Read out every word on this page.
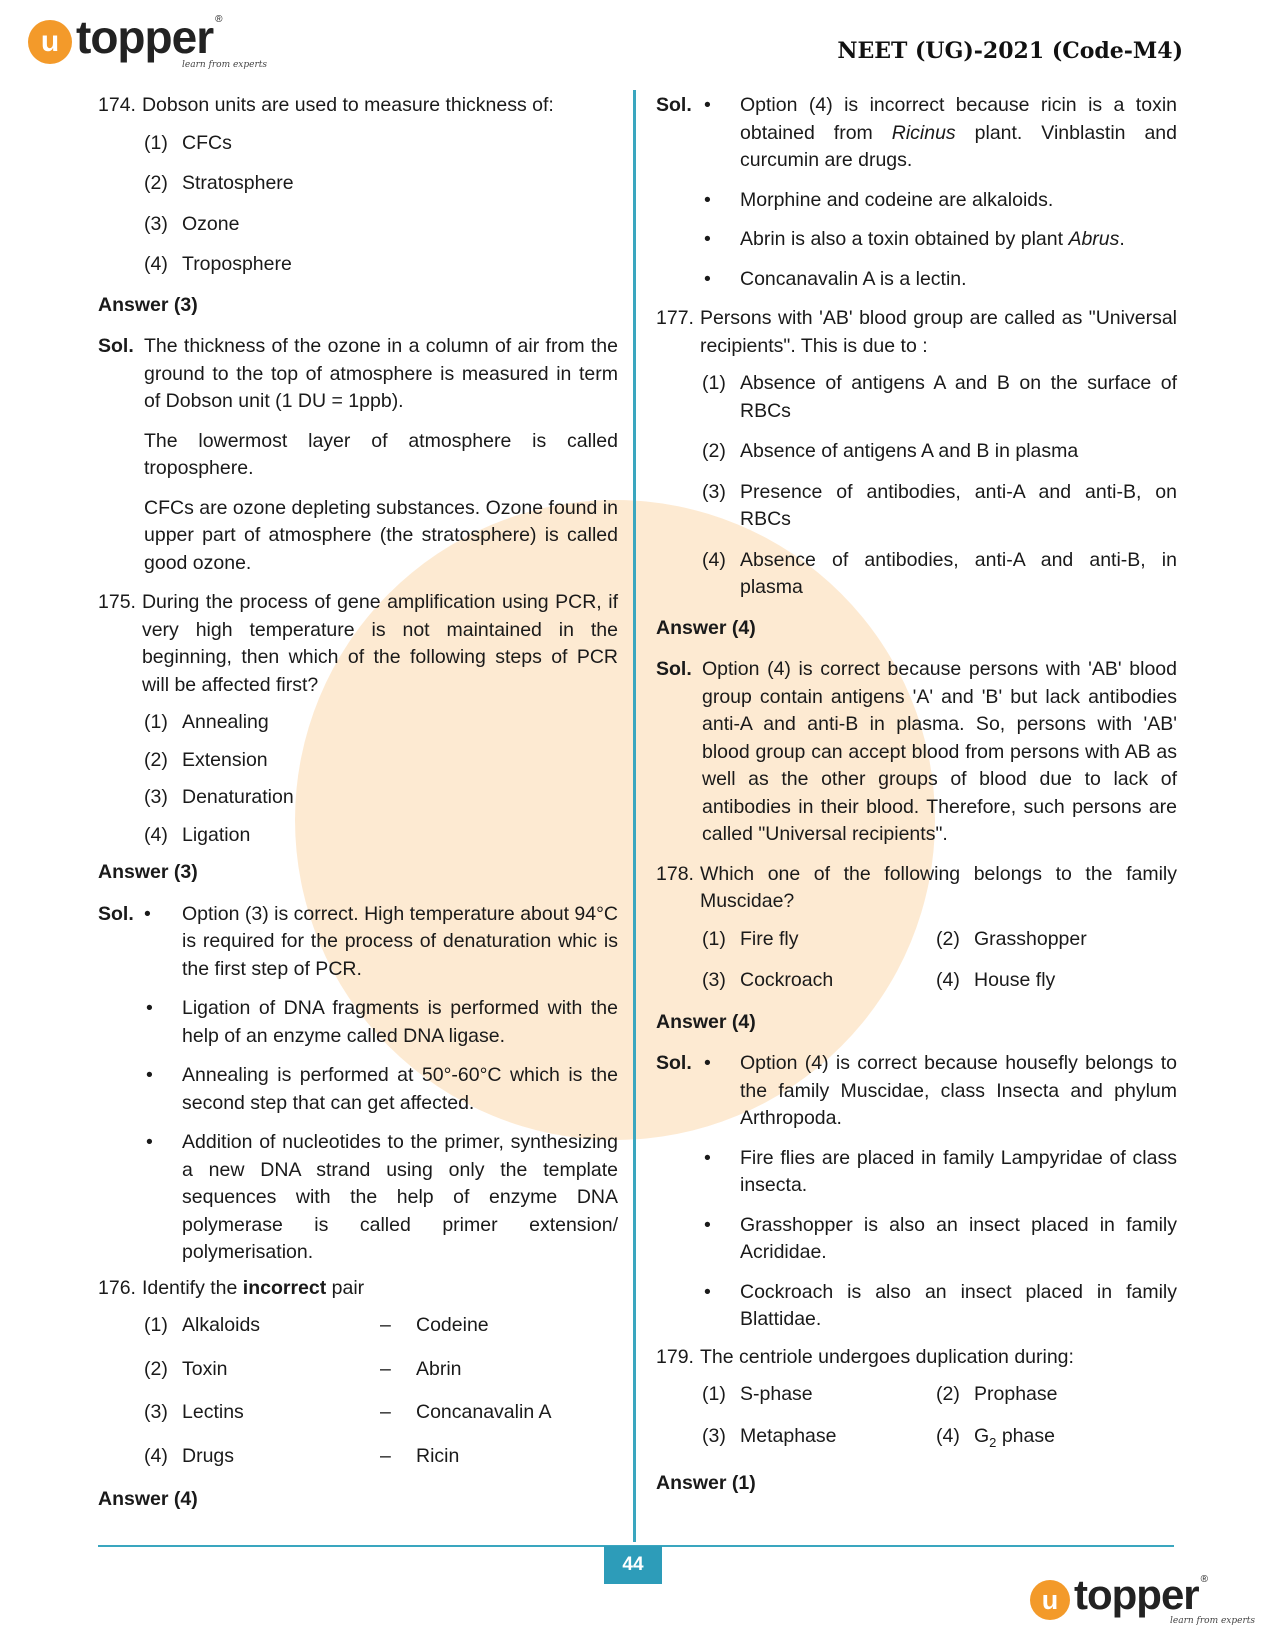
u topper ®
learn from experts
NEET (UG)-2021 (Code-M4)
174. Dobson units are used to measure thickness of:
(1) CFCs
(2) Stratosphere
(3) Ozone
(4) Troposphere
Answer (3)
Sol. The thickness of the ozone in a column of air from the ground to the top of atmosphere is measured in term of Dobson unit (1 DU = 1ppb).

The lowermost layer of atmosphere is called troposphere.

CFCs are ozone depleting substances. Ozone found in upper part of atmosphere (the stratosphere) is called good ozone.

175. During the process of gene amplification using PCR, if very high temperature is not maintained in the beginning, then which of the following steps of PCR will be affected first?
(1) Annealing
(2) Extension
(3) Denaturation
(4) Ligation
Answer (3)
Sol. •	Option (3) is correct. High temperature about 94°C is required for the process of denaturation whic is the first step of PCR.
•	Ligation of DNA fragments is performed with the help of an enzyme called DNA ligase.
•	Annealing is performed at 50°-60°C which is the second step that can get affected.
•	Addition of nucleotides to the primer, synthesizing a new DNA strand using only the template sequences with the help of enzyme DNA polymerase is called primer extension/ polymerisation.
176. Identify the incorrect pair
(1) Alkaloids	–	Codeine
(2) Toxin	–	Abrin
(3) Lectins	–	Concanavalin A
(4) Drugs	–	Ricin
Answer (4)
Sol. •	Option (4) is incorrect because ricin is a toxin obtained from Ricinus plant. Vinblastin and curcumin are drugs.
•	Morphine and codeine are alkaloids.
•	Abrin is also a toxin obtained by plant Abrus.
•	Concanavalin A is a lectin.
177. Persons with 'AB' blood group are called as "Universal recipients". This is due to :
(1) Absence of antigens A and B on the surface of RBCs
(2) Absence of antigens A and B in plasma
(3) Presence of antibodies, anti-A and anti-B, on RBCs
(4) Absence of antibodies, anti-A and anti-B, in plasma
Answer (4)
Sol. Option (4) is correct because persons with 'AB' blood group contain antigens 'A' and 'B' but lack antibodies anti-A and anti-B in plasma. So, persons with 'AB' blood group can accept blood from persons with AB as well as the other groups of blood due to lack of antibodies in their blood. Therefore, such persons are called "Universal recipients".

178. Which one of the following belongs to the family Muscidae?
(1) Fire fly	(2) Grasshopper
(3) Cockroach	(4) House fly
Answer (4)
Sol. •	Option (4) is correct because housefly belongs to the family Muscidae, class Insecta and phylum Arthropoda.
•	Fire flies are placed in family Lampyridae of class insecta.
•	Grasshopper is also an insect placed in family Acrididae.
•	Cockroach is also an insect placed in family Blattidae.
179. The centriole undergoes duplication during:
(1) S-phase	(2) Prophase
(3) Metaphase	(4) $G_2$ phase
Answer (1)
44
u topper ®
learn from experts
